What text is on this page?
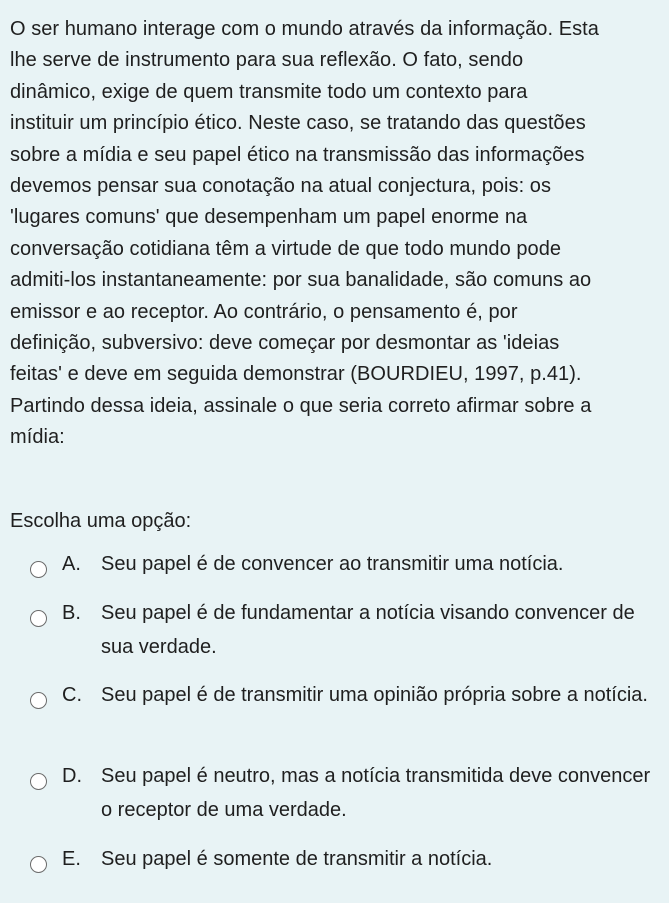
O ser humano interage com o mundo através da informação. Esta

lhe serve de instrumento para sua reflexão. O fato, sendo

dinâmico, exige de quem transmite todo um contexto para

instituir um princípio ético. Neste caso, se tratando das questões

sobre a mídia e seu papel ético na transmissão das informações

devemos pensar sua conotação na atual conjectura, pois: os

'lugares comuns' que desempenham um papel enorme na

conversação cotidiana têm a virtude de que todo mundo pode

admiti-los instantaneamente: por sua banalidade, são comuns ao

emissor e ao receptor. Ao contrário, o pensamento é, por

definição, subversivo: deve começar por desmontar as 'ideias

feitas' e deve em seguida demonstrar (BOURDIEU, 1997, p.41).

Partindo dessa ideia, assinale o que seria correto afirmar sobre a

mídia:

Escolha uma opção:
A. Seu papel é de convencer ao transmitir uma notícia.
B. Seu papel é de fundamentar a notícia visando convencer de sua verdade.
C. Seu papel é de transmitir uma opinião própria sobre a notícia.
D. Seu papel é neutro, mas a notícia transmitida deve convencer o receptor de uma verdade.
E. Seu papel é somente de transmitir a notícia.
